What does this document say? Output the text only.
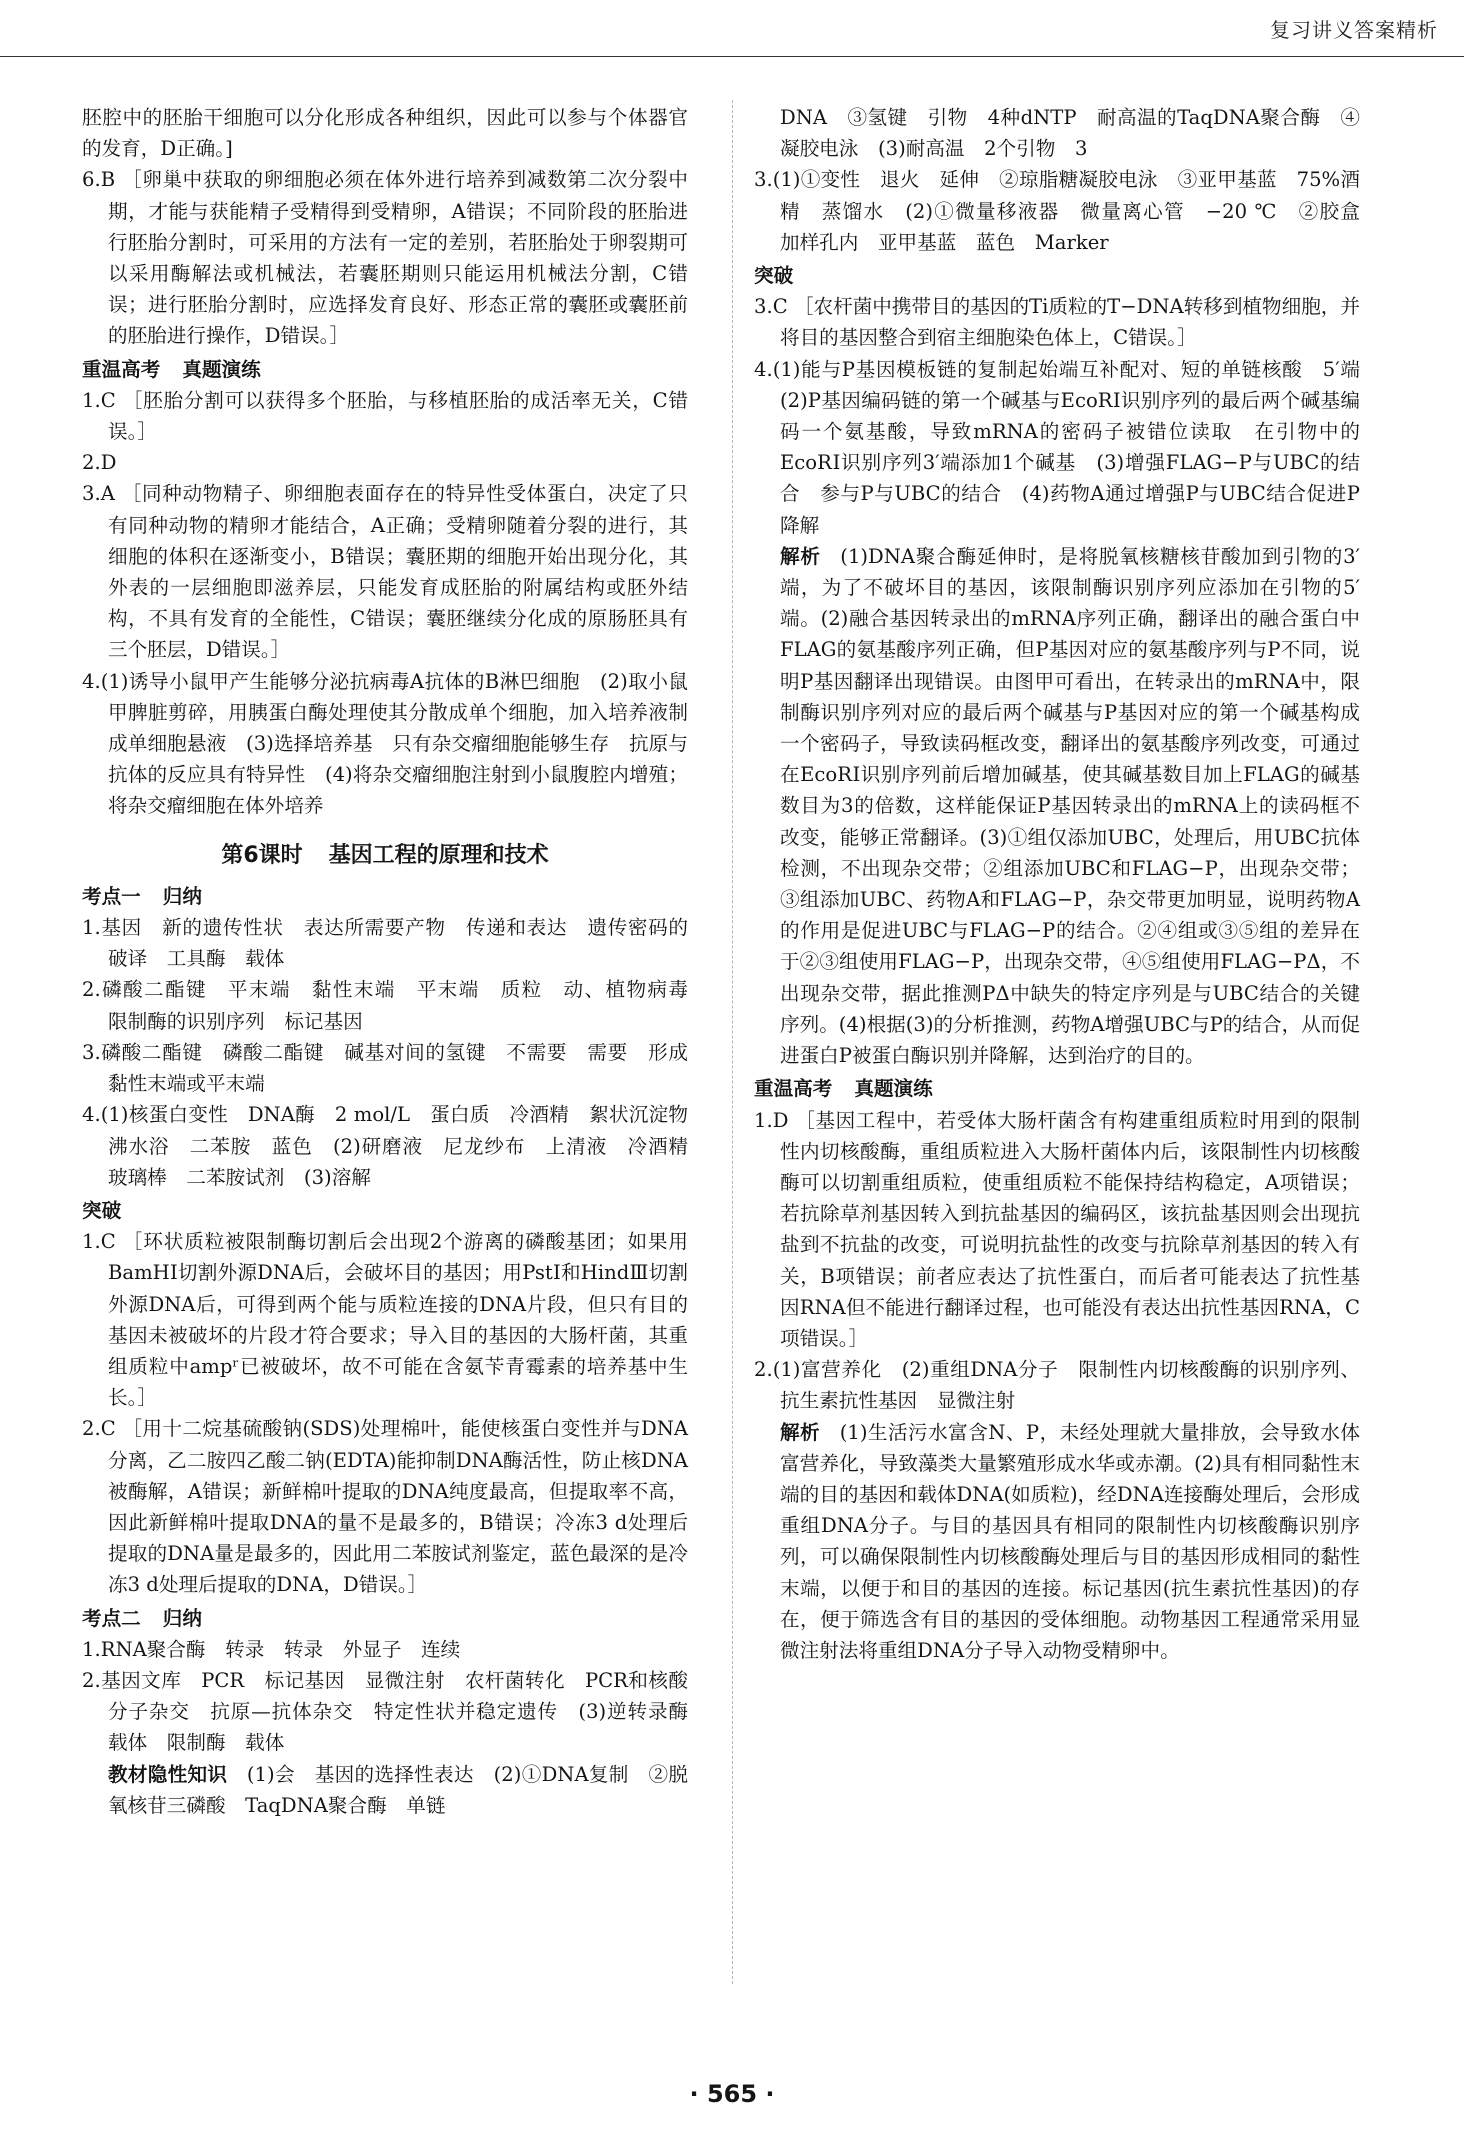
复习讲义答案精析

胚腔中的胚胎干细胞可以分化形成各种组织，因此可以参与个体器官的发育，D正确。]

6.B ［卵巢中获取的卵细胞必须在体外进行培养到减数第二次分裂中期，才能与获能精子受精得到受精卵，A错误；不同阶段的胚胎进行胚胎分割时，可采用的方法有一定的差别，若胚胎处于卵裂期可以采用酶解法或机械法，若囊胚期则只能运用机械法分割，C错误；进行胚胎分割时，应选择发育良好、形态正常的囊胚或囊胚前的胚胎进行操作，D错误。］

重温高考 真题演练

1.C ［胚胎分割可以获得多个胚胎，与移植胚胎的成活率无关，C错误。］

2.D

3.A ［同种动物精子、卵细胞表面存在的特异性受体蛋白，决定了只有同种动物的精卵才能结合，A正确；受精卵随着分裂的进行，其细胞的体积在逐渐变小，B错误；囊胚期的细胞开始出现分化，其外表的一层细胞即滋养层，只能发育成胚胎的附属结构或胚外结构，不具有发育的全能性，C错误；囊胚继续分化成的原肠胚具有三个胚层，D错误。］

4.(1)诱导小鼠甲产生能够分泌抗病毒A抗体的B淋巴细胞　(2)取小鼠甲脾脏剪碎，用胰蛋白酶处理使其分散成单个细胞，加入培养液制成单细胞悬液　(3)选择培养基　只有杂交瘤细胞能够生存　抗原与抗体的反应具有特异性　(4)将杂交瘤细胞注射到小鼠腹腔内增殖；将杂交瘤细胞在体外培养

第6课时 基因工程的原理和技术

考点一 归纳

1.基因　新的遗传性状　表达所需要产物　传递和表达　遗传密码的破译　工具酶　载体

2.磷酸二酯键　平末端　黏性末端　平末端　质粒　动、植物病毒　限制酶的识别序列　标记基因

3.磷酸二酯键　磷酸二酯键　碱基对间的氢键　不需要　需要　形成黏性末端或平末端

4.(1)核蛋白变性　DNA酶　2 mol/L　蛋白质　冷酒精　絮状沉淀物　沸水浴　二苯胺　蓝色　(2)研磨液　尼龙纱布　上清液　冷酒精　玻璃棒　二苯胺试剂　(3)溶解

突破

1.C ［环状质粒被限制酶切割后会出现2个游离的磷酸基团；如果用BamHⅠ切割外源DNA后，会破坏目的基因；用PstⅠ和HindⅢ切割外源DNA后，可得到两个能与质粒连接的DNA片段，但只有目的基因未被破坏的片段才符合要求；导入目的基因的大肠杆菌，其重组质粒中ampʳ已被破坏，故不可能在含氨苄青霉素的培养基中生长。］

2.C ［用十二烷基硫酸钠(SDS)处理棉叶，能使核蛋白变性并与DNA分离，乙二胺四乙酸二钠(EDTA)能抑制DNA酶活性，防止核DNA被酶解，A错误；新鲜棉叶提取的DNA纯度最高，但提取率不高，因此新鲜棉叶提取DNA的量不是最多的，B错误；冷冻3 d处理后提取的DNA量是最多的，因此用二苯胺试剂鉴定，蓝色最深的是冷冻3 d处理后提取的DNA，D错误。］

考点二 归纳

1.RNA聚合酶　转录　转录　外显子　连续

2.基因文库　PCR　标记基因　显微注射　农杆菌转化　PCR和核酸分子杂交　抗原—抗体杂交　特定性状并稳定遗传　(3)逆转录酶　载体　限制酶　载体

教材隐性知识  (1)会　基因的选择性表达　(2)①DNA复制　②脱氧核苷三磷酸　TaqDNA聚合酶　单链

DNA　③氢键　引物　4种dNTP　耐高温的TaqDNA聚合酶　④凝胶电泳　(3)耐高温　2个引物　3

3.(1)①变性　退火　延伸　②琼脂糖凝胶电泳　③亚甲基蓝　75%酒精　蒸馏水　(2)①微量移液器　微量离心管　−20 ℃　②胶盒　加样孔内　亚甲基蓝　蓝色　Marker

突破

3.C ［农杆菌中携带目的基因的Ti质粒的T−DNA转移到植物细胞，并将目的基因整合到宿主细胞染色体上，C错误。］

4.(1)能与P基因模板链的复制起始端互补配对、短的单链核酸　5′端　(2)P基因编码链的第一个碱基与EcoRⅠ识别序列的最后两个碱基编码一个氨基酸，导致mRNA的密码子被错位读取　在引物中的EcoRⅠ识别序列3′端添加1个碱基　(3)增强FLAG−P与UBC的结合　参与P与UBC的结合　(4)药物A通过增强P与UBC结合促进P降解

解析  (1)DNA聚合酶延伸时，是将脱氧核糖核苷酸加到引物的3′端，为了不破坏目的基因，该限制酶识别序列应添加在引物的5′端。(2)融合基因转录出的mRNA序列正确，翻译出的融合蛋白中FLAG的氨基酸序列正确，但P基因对应的氨基酸序列与P不同，说明P基因翻译出现错误。由图甲可看出，在转录出的mRNA中，限制酶识别序列对应的最后两个碱基与P基因对应的第一个碱基构成一个密码子，导致读码框改变，翻译出的氨基酸序列改变，可通过在EcoRⅠ识别序列前后增加碱基，使其碱基数目加上FLAG的碱基数目为3的倍数，这样能保证P基因转录出的mRNA上的读码框不改变，能够正常翻译。(3)①组仅添加UBC，处理后，用UBC抗体检测，不出现杂交带；②组添加UBC和FLAG−P，出现杂交带；③组添加UBC、药物A和FLAG−P，杂交带更加明显，说明药物A的作用是促进UBC与FLAG−P的结合。②④组或③⑤组的差异在于②③组使用FLAG−P，出现杂交带，④⑤组使用FLAG−PΔ，不出现杂交带，据此推测PΔ中缺失的特定序列是与UBC结合的关键序列。(4)根据(3)的分析推测，药物A增强UBC与P的结合，从而促进蛋白P被蛋白酶识别并降解，达到治疗的目的。

重温高考 真题演练

1.D ［基因工程中，若受体大肠杆菌含有构建重组质粒时用到的限制性内切核酸酶，重组质粒进入大肠杆菌体内后，该限制性内切核酸酶可以切割重组质粒，使重组质粒不能保持结构稳定，A项错误；若抗除草剂基因转入到抗盐基因的编码区，该抗盐基因则会出现抗盐到不抗盐的改变，可说明抗盐性的改变与抗除草剂基因的转入有关，B项错误；前者应表达了抗性蛋白，而后者可能表达了抗性基因RNA但不能进行翻译过程，也可能没有表达出抗性基因RNA，C项错误。］

2.(1)富营养化　(2)重组DNA分子　限制性内切核酸酶的识别序列、抗生素抗性基因　显微注射

解析  (1)生活污水富含N、P，未经处理就大量排放，会导致水体富营养化，导致藻类大量繁殖形成水华或赤潮。(2)具有相同黏性末端的目的基因和载体DNA(如质粒)，经DNA连接酶处理后，会形成重组DNA分子。与目的基因具有相同的限制性内切核酸酶识别序列，可以确保限制性内切核酸酶处理后与目的基因形成相同的黏性末端，以便于和目的基因的连接。标记基因(抗生素抗性基因)的存在，便于筛选含有目的基因的受体细胞。动物基因工程通常采用显微注射法将重组DNA分子导入动物受精卵中。

· 565 ·
